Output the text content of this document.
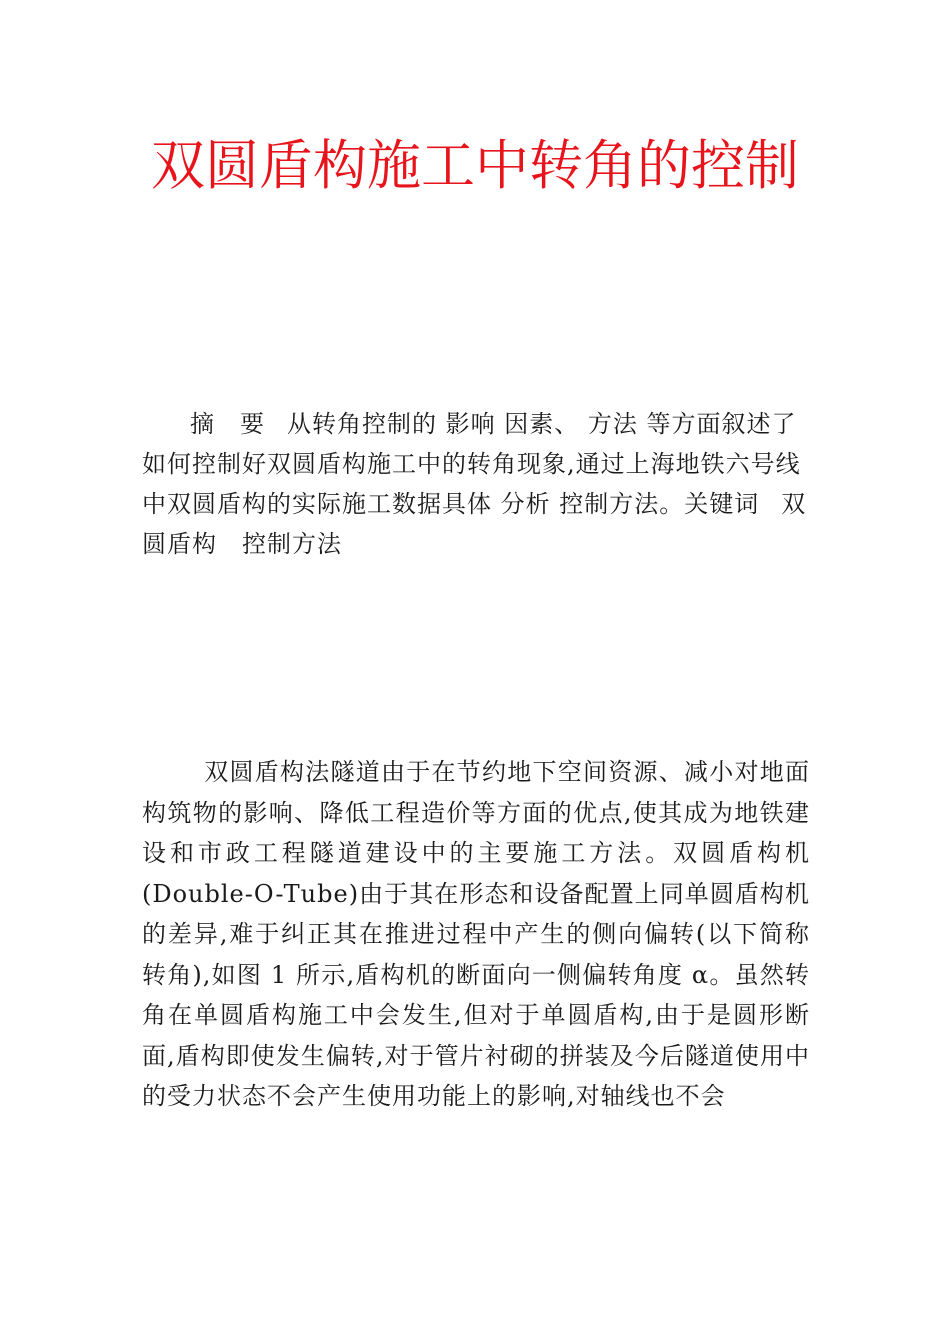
双圆盾构施工中转角的控制
摘　要 从转角控制的 影响 因素、 方法 等方面叙述了如何控制好双圆盾构施工中的转角现象,通过上海地铁六号线中双圆盾构的实际施工数据具体 分析 控制方法。关键词 双圆盾构　控制方法

双圆盾构法隧道由于在节约地下空间资源、减小对地面构筑物的影响、降低工程造价等方面的优点,使其成为地铁建设和市政工程隧道建设中的主要施工方法。双圆盾构机(Double-O-Tube)由于其在形态和设备配置上同单圆盾构机的差异,难于纠正其在推进过程中产生的侧向偏转(以下简称转角),如图 1 所示,盾构机的断面向一侧偏转角度 α。虽然转角在单圆盾构施工中会发生,但对于单圆盾构,由于是圆形断面,盾构即使发生偏转,对于管片衬砌的拼装及今后隧道使用中的受力状态不会产生使用功能上的影响,对轴线也不会
